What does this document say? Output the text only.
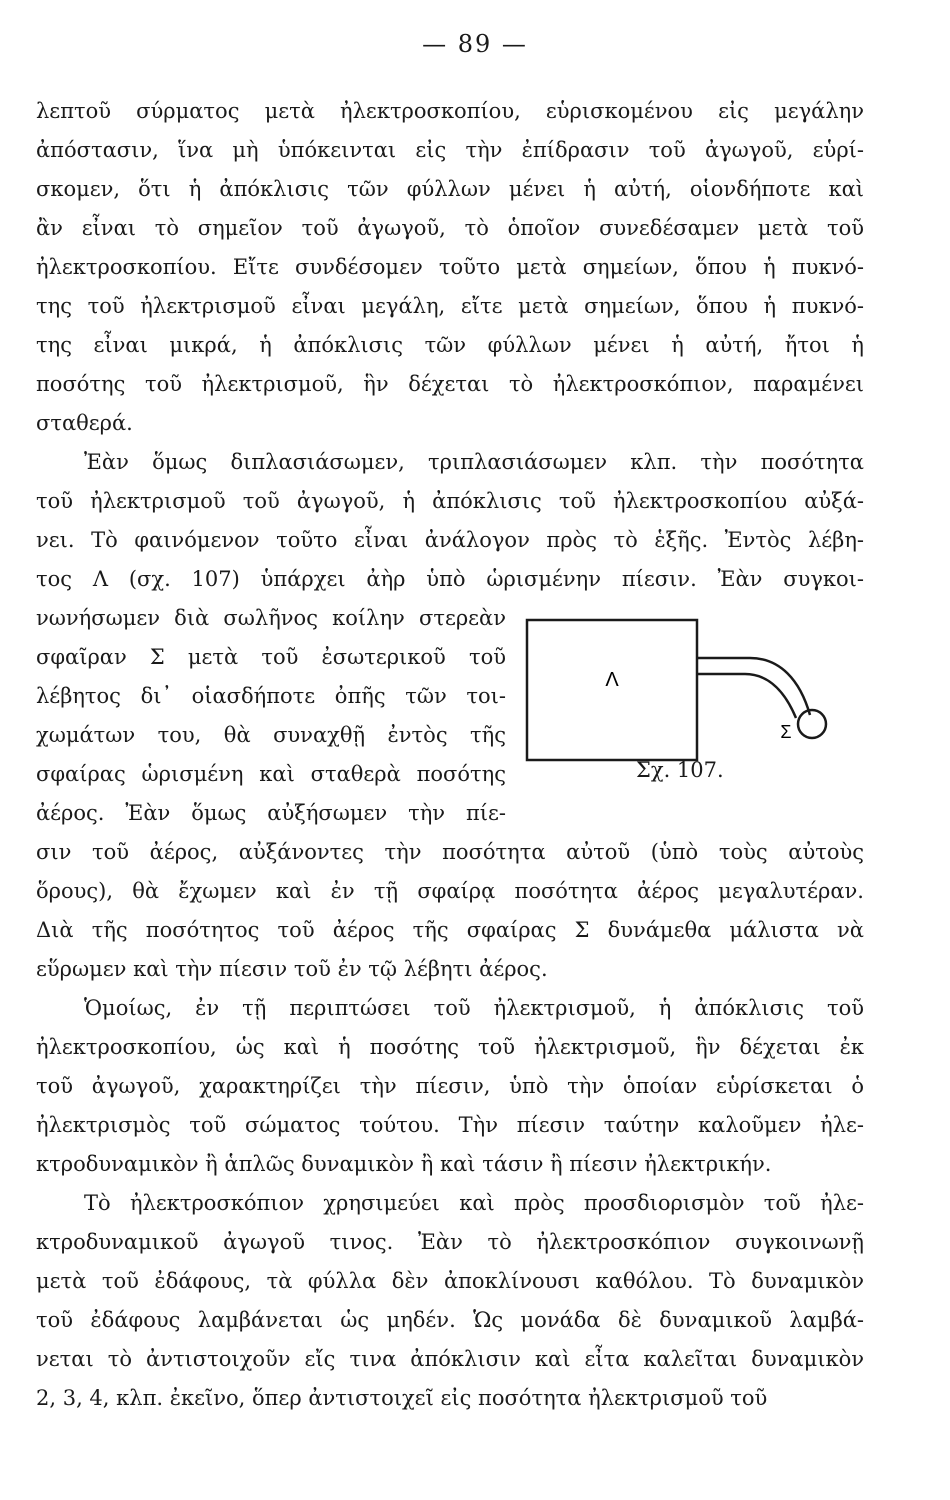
— 89 —
λεπτοῦ σύρματος μετὰ ἠλεκτροσκοπίου, εὑρισκομένου εἰς μεγάλην
ἀπόστασιν, ἵνα μὴ ὑπόκεινται εἰς τὴν ἐπίδρασιν τοῦ ἀγωγοῦ, εὑρί-
σκομεν, ὅτι ἡ ἀπόκλισις τῶν φύλλων μένει ἡ αὐτή, οἱονδήποτε καὶ
ἂν εἶναι τὸ σημεῖον τοῦ ἀγωγοῦ, τὸ ὁποῖον συνεδέσαμεν μετὰ τοῦ
ἠλεκτροσκοπίου. Εἴτε συνδέσομεν τοῦτο μετὰ σημείων, ὅπου ἡ πυκνό-
της τοῦ ἠλεκτρισμοῦ εἶναι μεγάλη, εἴτε μετὰ σημείων, ὅπου ἡ πυκνό-
της εἶναι μικρά, ἡ ἀπόκλισις τῶν φύλλων μένει ἡ αὐτή, ἤτοι ἡ
ποσότης τοῦ ἠλεκτρισμοῦ, ἣν δέχεται τὸ ἠλεκτροσκόπιον, παραμένει
σταθερά.
Ἐὰν ὅμως διπλασιάσωμεν, τριπλασιάσωμεν κλπ. τὴν ποσότητα
τοῦ ἠλεκτρισμοῦ τοῦ ἀγωγοῦ, ἡ ἀπόκλισις τοῦ ἠλεκτροσκοπίου αὐξά-
νει. Τὸ φαινόμενον τοῦτο εἶναι ἀνάλογον πρὸς τὸ ἑξῆς. Ἐντὸς λέβη-
τος Λ (σχ. 107) ὑπάρχει ἀὴρ ὑπὸ ὡρισμένην πίεσιν. Ἐὰν συγκοι-
νωνήσωμεν διὰ σωλῆνος κοίλην στερεὰν
σφαῖραν Σ μετὰ τοῦ ἐσωτερικοῦ τοῦ
λέβητος δι᾽ οἱασδήποτε ὀπῆς τῶν τοι-
χωμάτων του, θὰ συναχθῇ ἐντὸς τῆς
σφαίρας ὡρισμένη καὶ σταθερὰ ποσότης
ἀέρος. Ἐὰν ὅμως αὐξήσωμεν τὴν πίε-
σιν τοῦ ἀέρος, αὐξάνοντες τὴν ποσότητα αὐτοῦ (ὑπὸ τοὺς αὐτοὺς
ὅρους), θὰ ἔχωμεν καὶ ἐν τῇ σφαίρᾳ ποσότητα ἀέρος μεγαλυτέραν.
Διὰ τῆς ποσότητος τοῦ ἀέρος τῆς σφαίρας Σ δυνάμεθα μάλιστα νὰ
εὕρωμεν καὶ τὴν πίεσιν τοῦ ἐν τῷ λέβητι ἀέρος.
Ὁμοίως, ἐν τῇ περιπτώσει τοῦ ἠλεκτρισμοῦ, ἡ ἀπόκλισις τοῦ
ἠλεκτροσκοπίου, ὡς καὶ ἡ ποσότης τοῦ ἠλεκτρισμοῦ, ἣν δέχεται ἐκ
τοῦ ἀγωγοῦ, χαρακτηρίζει τὴν πίεσιν, ὑπὸ τὴν ὁποίαν εὑρίσκεται ὁ
ἠλεκτρισμὸς τοῦ σώματος τούτου. Τὴν πίεσιν ταύτην καλοῦμεν ἠλε-
κτροδυναμικὸν ἢ ἁπλῶς δυναμικὸν ἢ καὶ τάσιν ἢ πίεσιν ἠλεκτρικήν.
Τὸ ἠλεκτροσκόπιον χρησιμεύει καὶ πρὸς προσδιορισμὸν τοῦ ἠλε-
κτροδυναμικοῦ ἀγωγοῦ τινος. Ἐὰν τὸ ἠλεκτροσκόπιον συγκοινωνῇ
μετὰ τοῦ ἐδάφους, τὰ φύλλα δὲν ἀποκλίνουσι καθόλου. Τὸ δυναμικὸν
τοῦ ἐδάφους λαμβάνεται ὡς μηδέν. Ὡς μονάδα δὲ δυναμικοῦ λαμβά-
νεται τὸ ἀντιστοιχοῦν εἴς τινα ἀπόκλισιν καὶ εἶτα καλεῖται δυναμικὸν
2, 3, 4, κλπ. ἐκεῖνο, ὅπερ ἀντιστοιχεῖ εἰς ποσότητα ἠλεκτρισμοῦ τοῦ
Λ
Σ
Σχ. 107.
